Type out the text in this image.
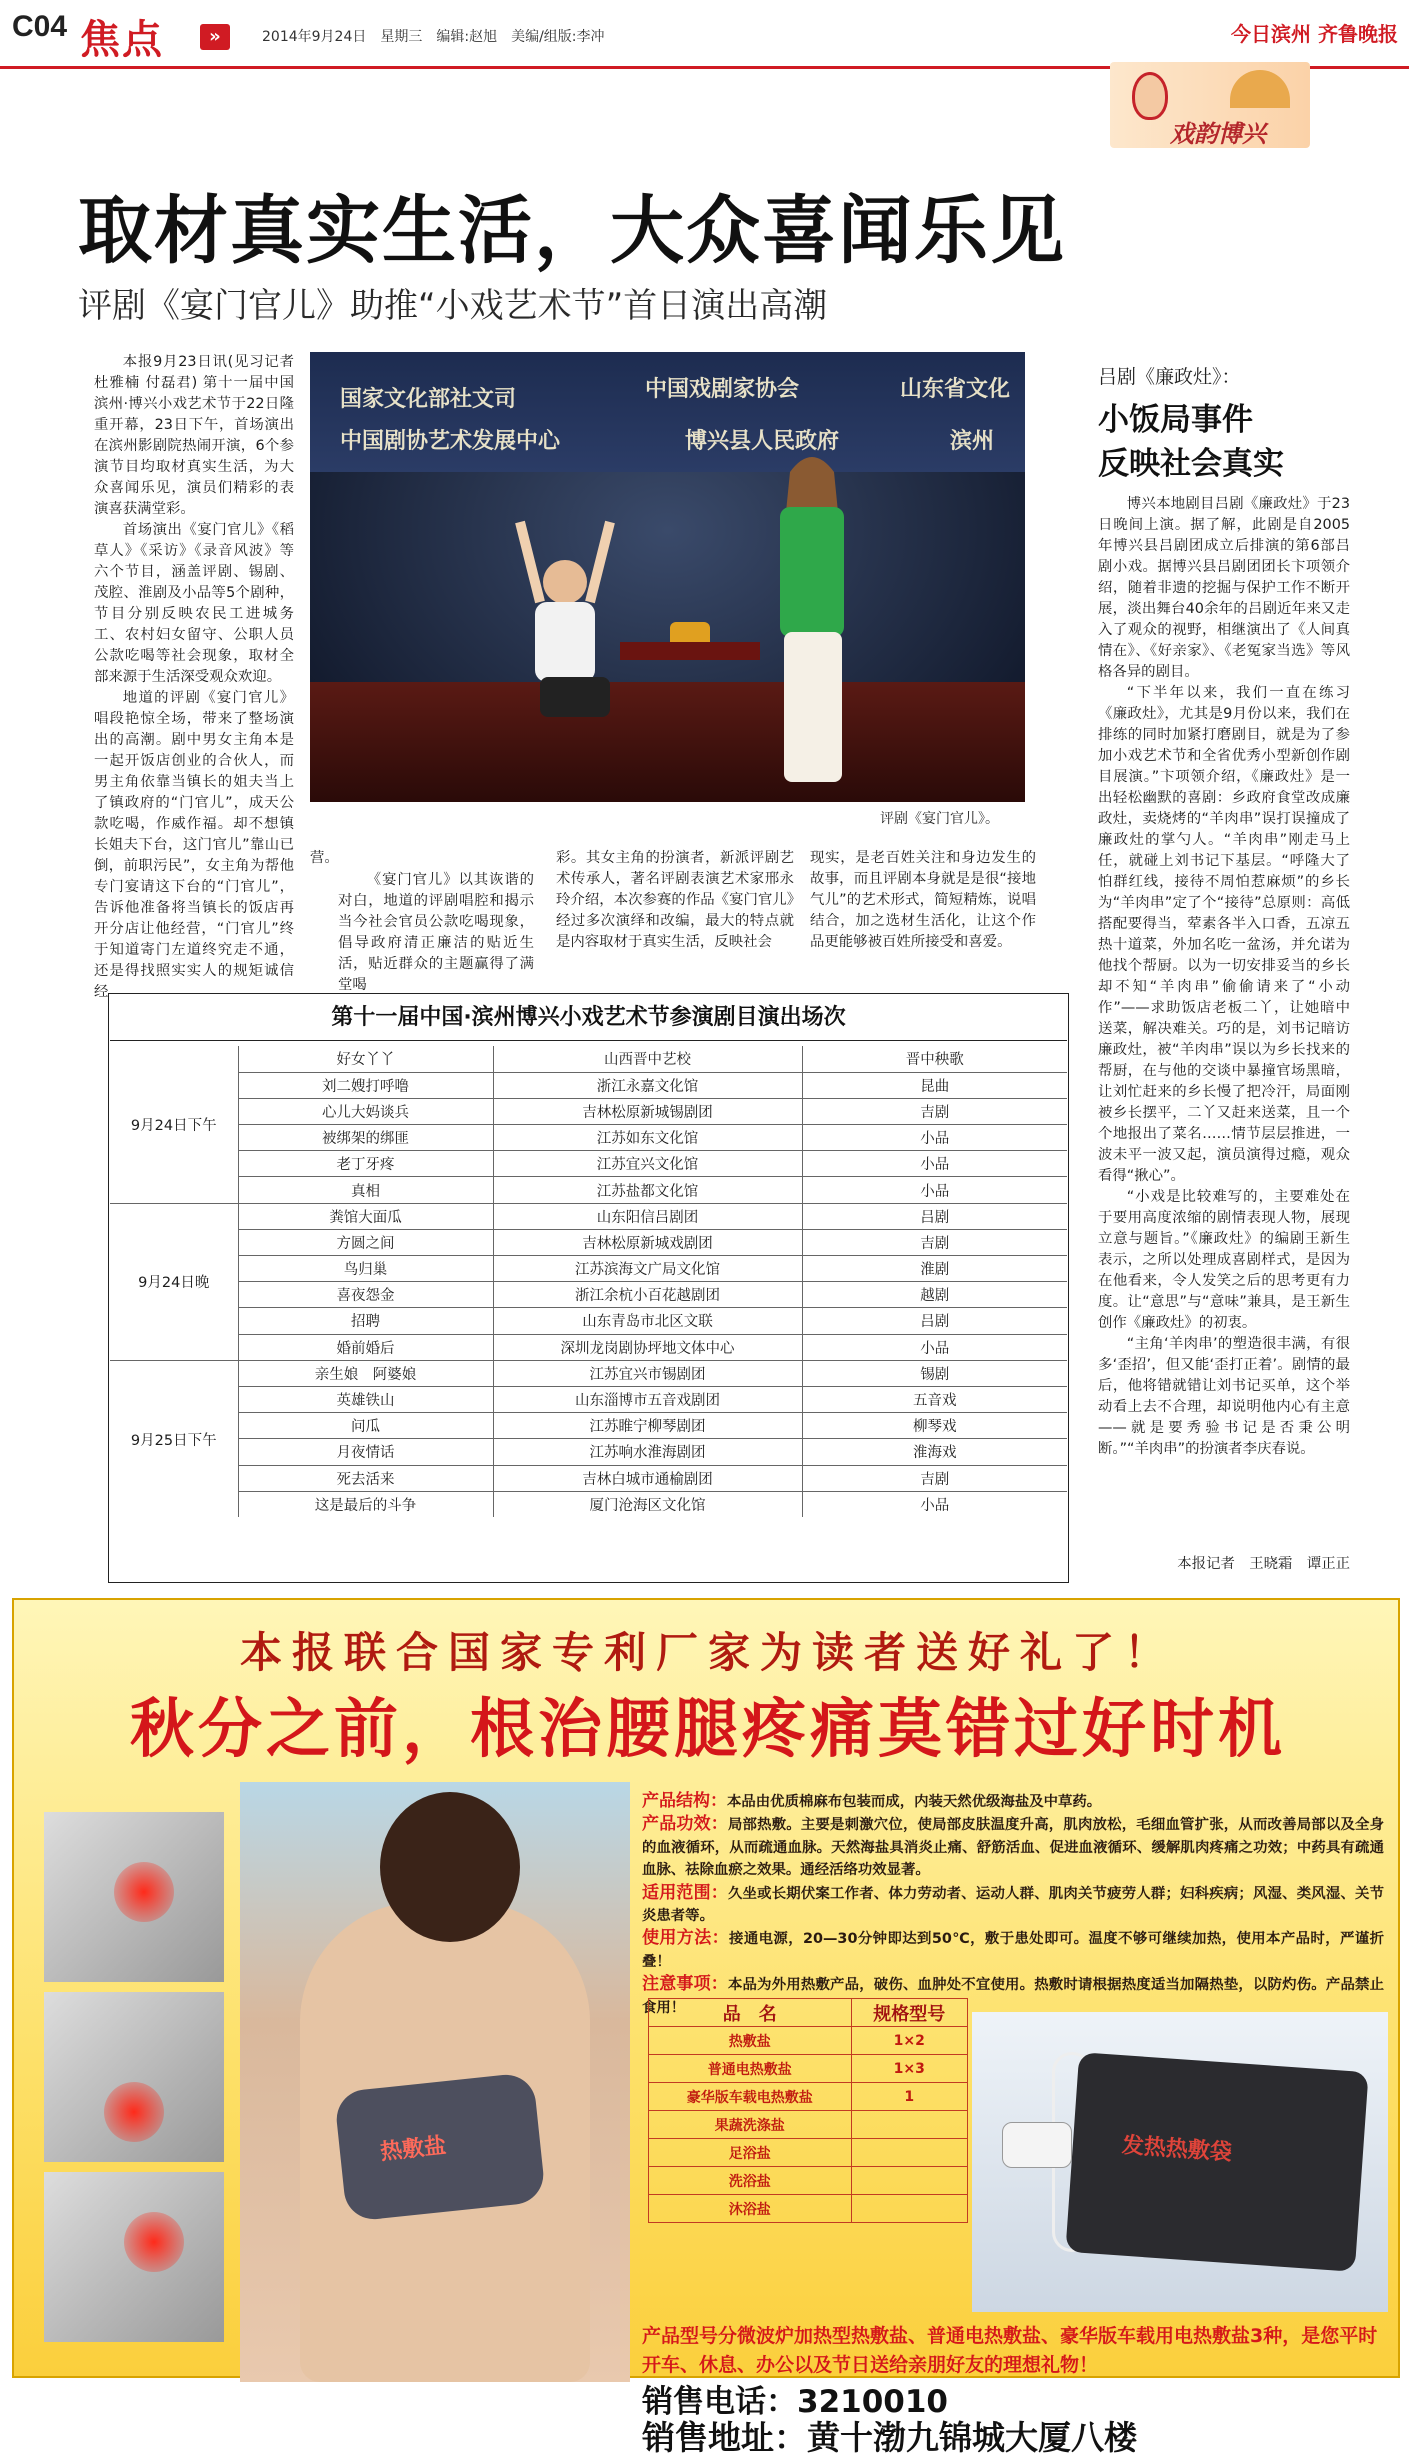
C04 焦点	»	2014年9月24日　星期三　编辑:赵旭　美编/组版:李冲	今日滨州 齐鲁晚报
戏韵博兴
取材真实生活，大众喜闻乐见
评剧《宴门官儿》助推“小戏艺术节”首日演出高潮

本报9月23日讯(见习记者 杜雅楠 付磊君) 第十一届中国滨州·博兴小戏艺术节于22日隆重开幕，23日下午，首场演出在滨州影剧院热闹开演，6个参演节目均取材真实生活，为大众喜闻乐见，演员们精彩的表演喜获满堂彩。

首场演出《宴门官儿》《稻草人》《采访》《录音风波》等六个节目，涵盖评剧、锡剧、茂腔、淮剧及小品等5个剧种，节目分别反映农民工进城务工、农村妇女留守、公职人员公款吃喝等社会现象，取材全部来源于生活深受观众欢迎。

地道的评剧《宴门官儿》唱段艳惊全场，带来了整场演出的高潮。剧中男女主角本是一起开饭店创业的合伙人，而男主角依靠当镇长的姐夫当上了镇政府的“门官儿”，成天公款吃喝，作威作福。却不想镇长姐夫下台，这门官儿”靠山已倒，前职污民”，女主角为帮他专门宴请这下台的“门官儿”，告诉他准备将当镇长的饭店再开分店让他经营，“门官儿”终于知道寄门左道终究走不通，还是得找照实实人的规矩诚信经

国家文化部社文司	中国戏剧家协会	山东省文化
中国剧协艺术发展中心	博兴县人民政府	滨州
评剧《宴门官儿》。

营。

《宴门官儿》以其诙谐的对白，地道的评剧唱腔和揭示当今社会官员公款吃喝现象，倡导政府清正廉洁的贴近生活，贴近群众的主题赢得了满堂喝

彩。其女主角的扮演者，新派评剧艺术传承人，著名评剧表演艺术家邢永玲介绍，本次参赛的作品《宴门官儿》经过多次演绎和改编，最大的特点就是内容取材于真实生活，反映社会

现实，是老百姓关注和身边发生的故事，而且评剧本身就是是很“接地气儿”的艺术形式，简短精炼，说唱结合，加之选材生活化，让这个作品更能够被百姓所接受和喜爱。

吕剧《廉政灶》：
小饭局事件
反映社会真实

博兴本地剧目吕剧《廉政灶》于23日晚间上演。据了解，此剧是自2005年博兴县吕剧团成立后排演的第6部吕剧小戏。据博兴县吕剧团团长卞项领介绍，随着非遗的挖掘与保护工作不断开展，淡出舞台40余年的吕剧近年来又走入了观众的视野，相继演出了《人间真情在》、《好亲家》、《老冤家当选》等风格各异的剧目。

“下半年以来，我们一直在练习《廉政灶》，尤其是9月份以来，我们在排练的同时加紧打磨剧目，就是为了参加小戏艺术节和全省优秀小型新创作剧目展演。”卞项领介绍，《廉政灶》是一出轻松幽默的喜剧：乡政府食堂改成廉政灶，卖烧烤的“羊肉串”误打误撞成了廉政灶的掌勺人。“羊肉串”刚走马上任，就碰上刘书记下基层。“呼隆大了怕群红线，接待不周怕惹麻烦”的乡长为“羊肉串”定了个“接待”总原则：高低搭配要得当，荤素各半入口香，五凉五热十道菜，外加名吃一盆汤，并允诺为他找个帮厨。以为一切安排妥当的乡长却不知“羊肉串”偷偷请来了“小动作”——求助饭店老板二丫，让她暗中送菜，解决难关。巧的是，刘书记暗访廉政灶，被“羊肉串”误以为乡长找来的帮厨，在与他的交谈中暴撞官场黑暗，让刘忙赶来的乡长慢了把冷汗，局面刚被乡长摆平，二丫又赶来送菜，且一个个地报出了菜名……情节层层推进，一波未平一波又起，演员演得过瘾，观众看得“揪心”。

“小戏是比较难写的，主要难处在于要用高度浓缩的剧情表现人物，展现立意与题旨。”《廉政灶》的编剧王新生表示，之所以处理成喜剧样式，是因为在他看来，令人发笑之后的思考更有力度。让“意思”与“意味”兼具，是王新生创作《廉政灶》的初衷。

“主角‘羊肉串’的塑造很丰满，有很多‘歪招’，但又能‘歪打正着’。剧情的最后，他将错就错让刘书记买单，这个举动看上去不合理，却说明他内心有主意——就是要秀验书记是否秉公明断。”“羊肉串”的扮演者李庆春说。

本报记者　王晓霜　谭正正
第十一届中国·滨州博兴小戏艺术节参演剧目演出场次
9月24日下午	好女丫丫	山西晋中艺校	晋中秧歌
	刘二嫂打呼噜	浙江永嘉文化馆	昆曲
	心儿大妈谈兵	吉林松原新城锡剧团	吉剧
	被绑架的绑匪	江苏如东文化馆	小品
	老丁牙疼	江苏宜兴文化馆	小品
	真相	江苏盐都文化馆	小品
9月24日晚	粪馆大面瓜	山东阳信吕剧团	吕剧
	方圆之间	吉林松原新城戏剧团	吉剧
	鸟归巢	江苏滨海文广局文化馆	淮剧
	喜夜怨金	浙江余杭小百花越剧团	越剧
	招聘	山东青岛市北区文联	吕剧
	婚前婚后	深圳龙岗剧协坪地文体中心	小品
9月25日下午	亲生娘　阿婆娘	江苏宜兴市锡剧团	锡剧
	英雄铁山	山东淄博市五音戏剧团	五音戏
	问瓜	江苏睢宁柳琴剧团	柳琴戏
	月夜情话	江苏响水淮海剧团	淮海戏
	死去活来	吉林白城市通榆剧团	吉剧
	这是最后的斗争	厦门沧海区文化馆	小品
本报联合国家专利厂家为读者送好礼了！
秋分之前，根治腰腿疼痛莫错过好时机
热敷盐
产品结构：本品由优质棉麻布包装而成，内装天然优级海盐及中草药。
产品功效：局部热敷。主要是刺激穴位，使局部皮肤温度升高，肌肉放松，毛细血管扩张，从而改善局部以及全身的血液循环，从而疏通血脉。天然海盐具消炎止痛、舒筋活血、促进血液循环、缓解肌肉疼痛之功效；中药具有疏通血脉、祛除血瘀之效果。通经活络功效显著。
适用范围：久坐或长期伏案工作者、体力劳动者、运动人群、肌肉关节疲劳人群；妇科疾病；风湿、类风湿、关节炎患者等。
使用方法：接通电源，20—30分钟即达到50℃，敷于患处即可。温度不够可继续加热，使用本产品时，严谨折叠！
注意事项：本品为外用热敷产品，破伤、血肿处不宜使用。热敷时请根据热度适当加隔热垫，以防灼伤。产品禁止食用！	品　名	规格型号
热敷盐	1×2
普通电热敷盐	1×3
豪华版车载电热敷盐	1
果蔬洗涤盐	
足浴盐	
洗浴盐	
沐浴盐	
发热热敷袋
产品型号分微波炉加热型热敷盐、普通电热敷盐、豪华版车载用电热敷盐3种，是您平时开车、休息、办公以及节日送给亲朋好友的理想礼物！
销售电话：3210010
销售地址：黄十渤九锦城大厦八楼
